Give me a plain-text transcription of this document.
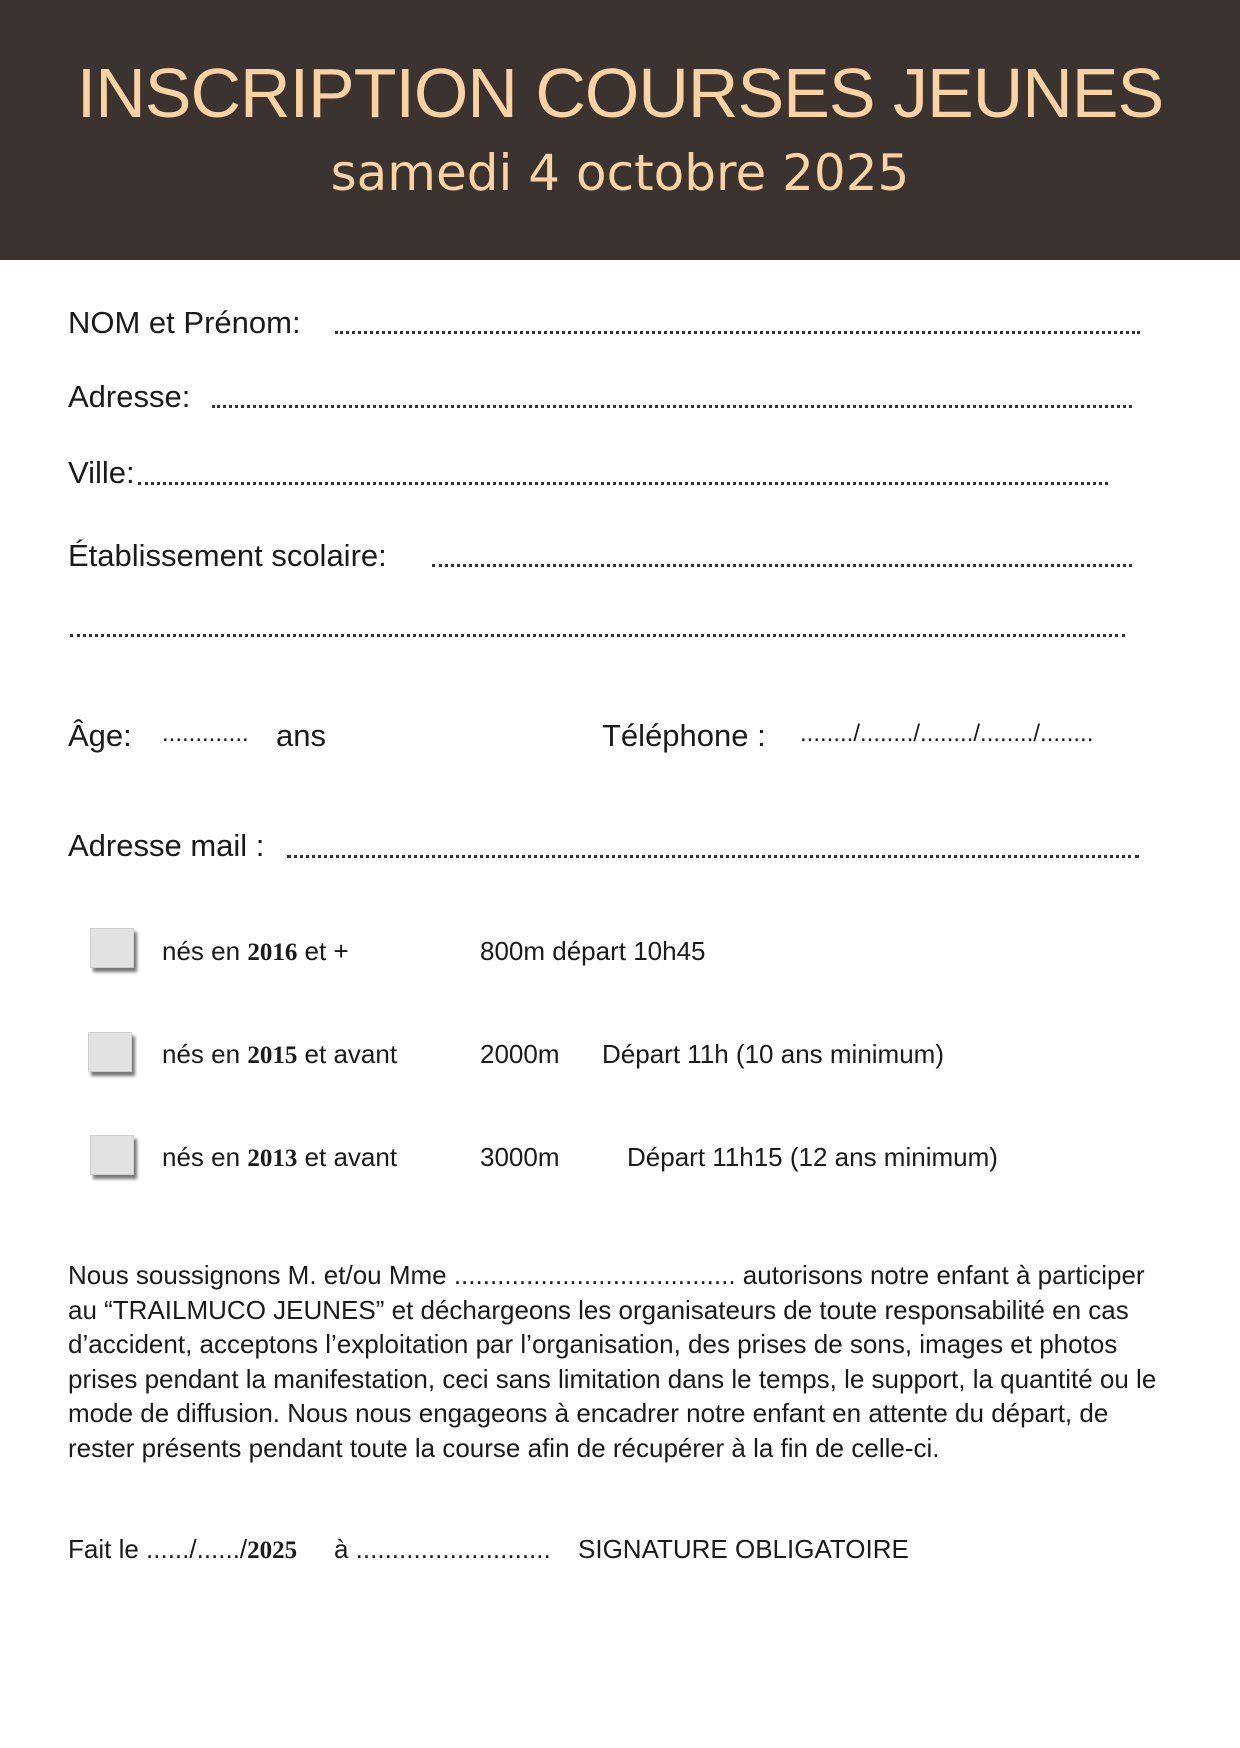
INSCRIPTION COURSES JEUNES
samedi 4 octobre 2025
NOM et Prénom:
Adresse:
Ville:
Établissement scolaire:
Âge: ............. ans	Téléphone : ......../......../......../......../........
Adresse mail :
nés en 2016 et +	800m départ 10h45
nés en 2015 et avant	2000m Départ 11h (10 ans minimum)
nés en 2013 et avant	3000m	Départ 11h15 (12 ans minimum)
Nous soussignons M. et/ou Mme ....................................... autorisons notre enfant à participer au “TRAILMUCO JEUNES” et déchargeons les organisateurs de toute responsabilité en cas d’accident, acceptons l’exploitation par l’organisation, des prises de sons, images et photos prises pendant la manifestation, ceci sans limitation dans le temps, le support, la quantité ou le mode de diffusion. Nous nous engageons à encadrer notre enfant en attente du départ, de rester présents pendant toute la course afin de récupérer à la fin de celle-ci.
Fait le ....../....../2025 à ........................... SIGNATURE OBLIGATOIRE
